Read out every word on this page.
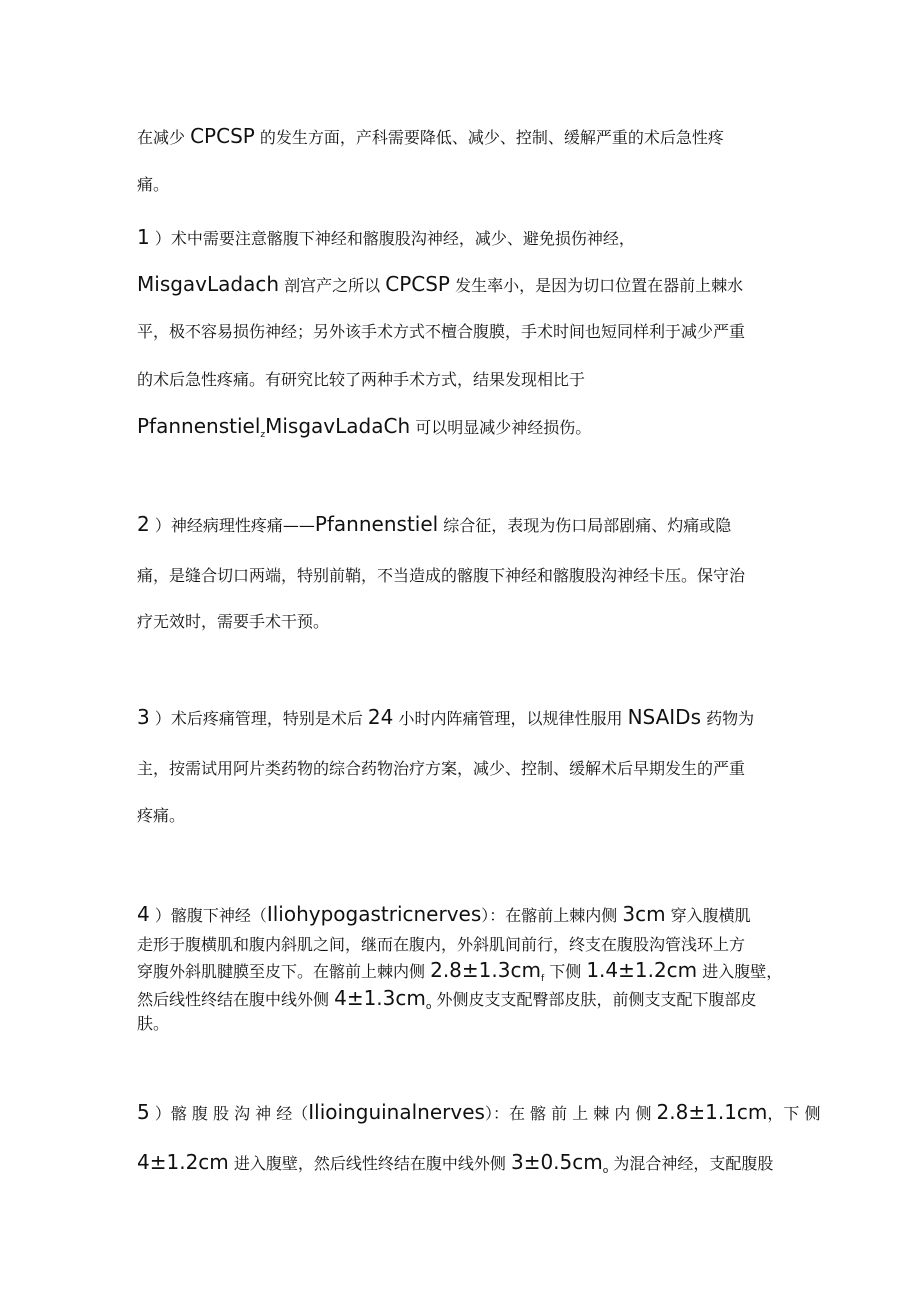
在减少 CPCSP 的发生方面，产科需要降低、减少、控制、缓解严重的术后急性疼
痛。
1 ）术中需要注意髂腹下神经和髂腹股沟神经，减少、避免损伤神经，
MisgavLadach 剖宫产之所以 CPCSP 发生率小，是因为切口位置在器前上棘水
平，极不容易损伤神经；另外该手术方式不檀合腹膜，手术时间也短同样利于减少严重
的术后急性疼痛。有研究比较了两种手术方式，结果发现相比于
Pfannenstiel$_z$MisgavLadaCh 可以明显减少神经损伤。
2 ）神经病理性疼痛——Pfannenstiel 综合征，表现为伤口局部剧痛、灼痛或隐
痛，是缝合切口两端，特别前鞘，不当造成的髂腹下神经和髂腹股沟神经卡压。保守治
疗无效时，需要手术干预。
3 ）术后疼痛管理，特别是术后 24 小时内阵痛管理，以规律性服用 NSAIDs 药物为
主，按需试用阿片类药物的综合药物治疗方案，减少、控制、缓解术后早期发生的严重
疼痛。
4 ）髂腹下神经（Iliohypogastricnerves）：在髂前上棘内侧 3cm 穿入腹横肌
走形于腹横肌和腹内斜肌之间，继而在腹内，外斜肌间前行，终支在腹股沟管浅环上方
穿腹外斜肌腱膜至皮下。在髂前上棘内侧 $2.8\pm 1.3cm_f$ 下侧 1.4±1.2cm 进入腹壁，
然后线性终结在腹中线外侧 $4\pm 1.3cm_o$ 外侧皮支支配臀部皮肤，前侧支支配下腹部皮
肤。
5 ）髂 腹 股 沟 神 经（Ilioinguinalnerves）：在 髂 前 上 棘 内 侧 2.8±1.1cm，下 侧
4±1.2cm 进入腹壁，然后线性终结在腹中线外侧 $3\pm 0.5cm_o$ 为混合神经，支配腹股
